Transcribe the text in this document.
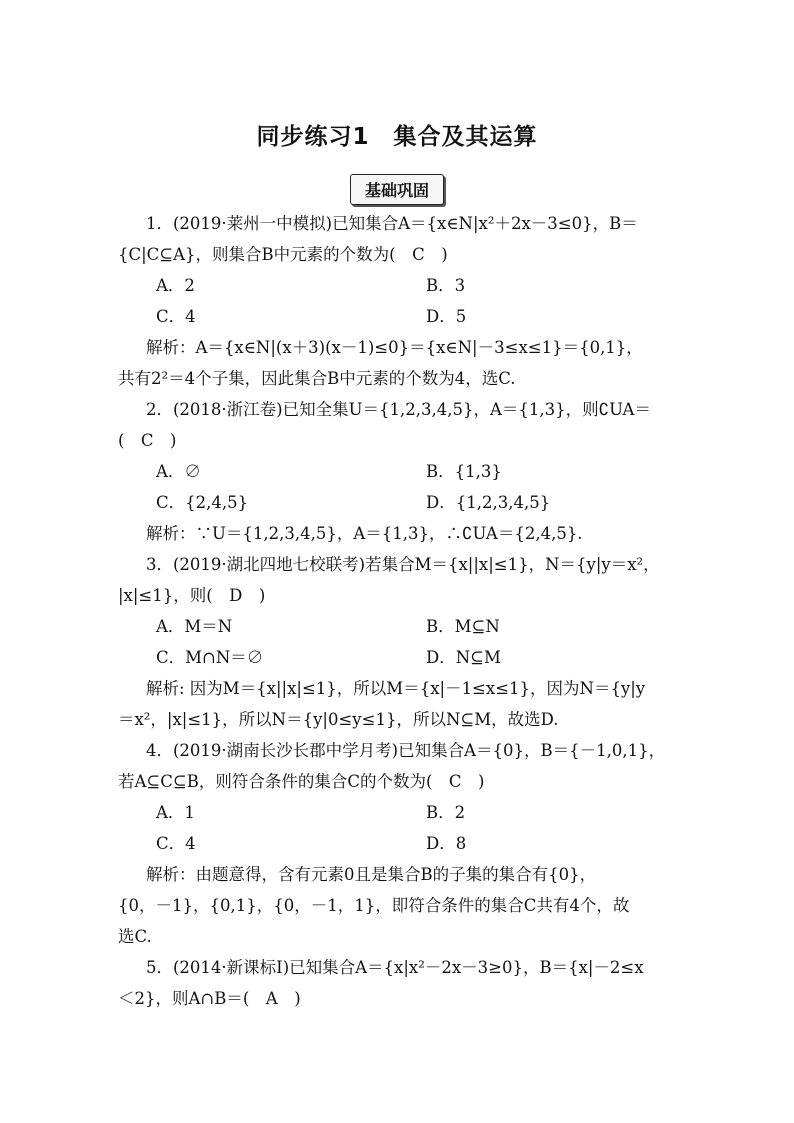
同步练习1　集合及其运算
基础巩固
1．(2019·莱州一中模拟)已知集合A＝{x∈N|x²＋2x－3≤0}，B＝
{C|C⊆A}，则集合B中元素的个数为(　C　)
A．2	B．3
C．4	D．5
解析：A＝{x∈N|(x＋3)(x－1)≤0}＝{x∈N|－3≤x≤1}＝{0,1}，
共有2²＝4个子集，因此集合B中元素的个数为4，选C.
2．(2018·浙江卷)已知全集U＝{1,2,3,4,5}，A＝{1,3}，则∁UA＝
(　C　)
A．∅	B．{1,3}
C．{2,4,5}	D．{1,2,3,4,5}
解析：∵U＝{1,2,3,4,5}，A＝{1,3}，∴∁UA＝{2,4,5}.
3．(2019·湖北四地七校联考)若集合M＝{x||x|≤1}，N＝{y|y＝x²，
|x|≤1}，则(　D　)
A．M＝N	B．M⊆N
C．M∩N＝∅	D．N⊆M
解析: 因为M＝{x||x|≤1}，所以M＝{x|－1≤x≤1}，因为N＝{y|y
＝x²，|x|≤1}，所以N＝{y|0≤y≤1}，所以N⊆M，故选D.
4．(2019·湖南长沙长郡中学月考)已知集合A＝{0}，B＝{－1,0,1}，
若A⊆C⊆B，则符合条件的集合C的个数为(　C　)
A．1	B．2
C．4	D．8
解析：由题意得，含有元素0且是集合B的子集的集合有{0}，
{0，－1}，{0,1}，{0，－1，1}，即符合条件的集合C共有4个，故
选C.
5．(2014·新课标Ⅰ)已知集合A＝{x|x²－2x－3≥0}，B＝{x|－2≤x
＜2}，则A∩B＝(　A　)
